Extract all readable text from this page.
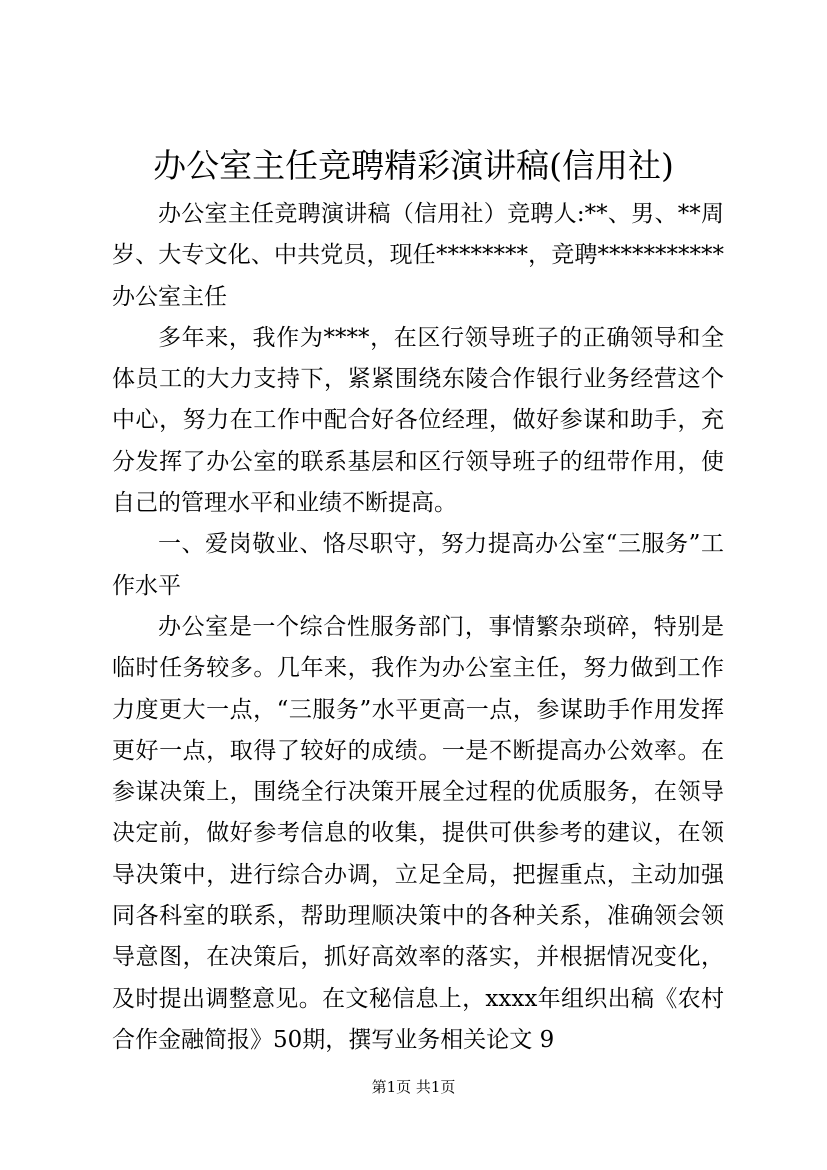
办公室主任竞聘精彩演讲稿(信用社)

办公室主任竞聘演讲稿（信用社）竞聘人:**、男、**周岁、大专文化、中共党员，现任********，竞聘***********办公室主任

多年来，我作为****，在区行领导班子的正确领导和全体员工的大力支持下，紧紧围绕东陵合作银行业务经营这个中心，努力在工作中配合好各位经理，做好参谋和助手，充分发挥了办公室的联系基层和区行领导班子的纽带作用，使自己的管理水平和业绩不断提高。

一、爱岗敬业、恪尽职守，努力提高办公室“三服务”工作水平

办公室是一个综合性服务部门，事情繁杂琐碎，特别是临时任务较多。几年来，我作为办公室主任，努力做到工作力度更大一点，“三服务”水平更高一点，参谋助手作用发挥更好一点，取得了较好的成绩。一是不断提高办公效率。在参谋决策上，围绕全行决策开展全过程的优质服务，在领导决定前，做好参考信息的收集，提供可供参考的建议，在领导决策中，进行综合办调，立足全局，把握重点，主动加强同各科室的联系，帮助理顺决策中的各种关系，准确领会领导意图，在决策后，抓好高效率的落实，并根据情况变化，及时提出调整意见。在文秘信息上，xxxx年组织出稿《农村合作金融简报》50期，撰写业务相关论文 9

第1页 共1页
